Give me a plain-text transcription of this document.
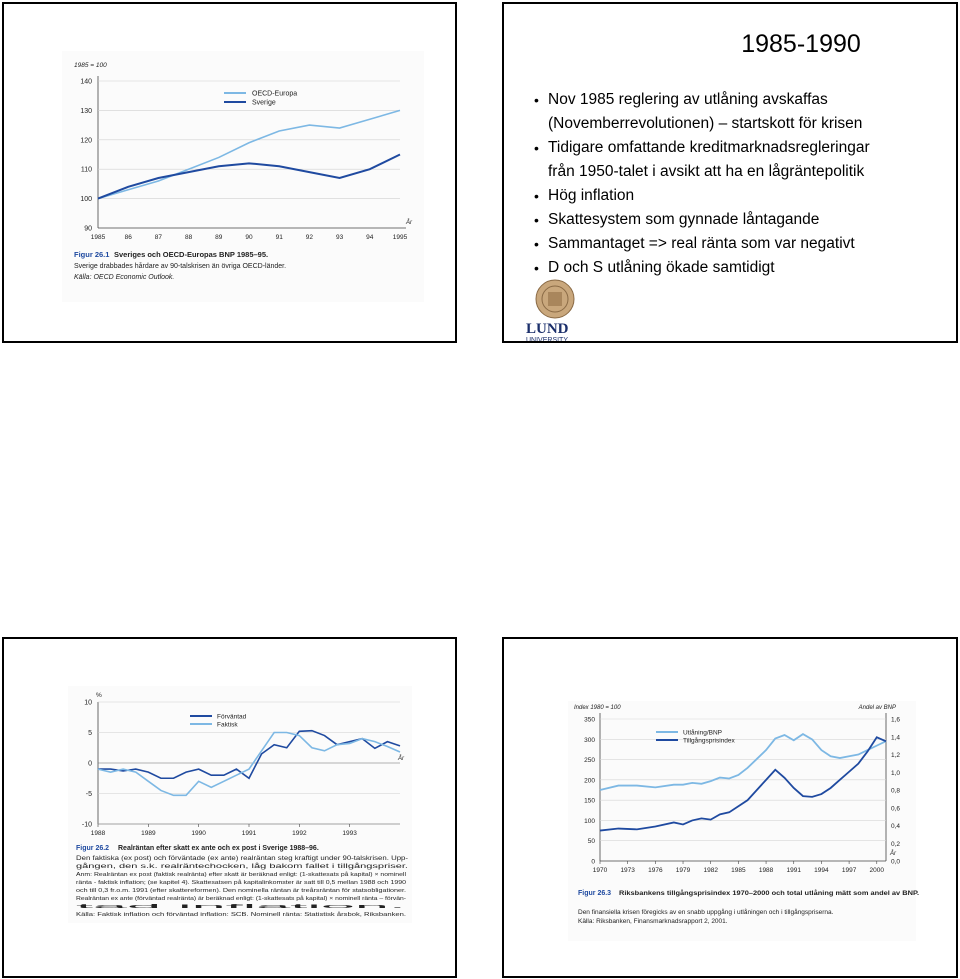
90
100
110
120
130
140
1985	86	87	88	89	90	91	92	93	94	1995
1985 = 100
År
OECD-Europa
Sverige
Figur 26.1 Sveriges och OECD-Europas BNP 1985–95.
Sverige drabbades hårdare av 90-talskrisen än övriga OECD-länder.
Källa: OECD Economic Outlook.
1985-1990
• Nov 1985 reglering av utlåning avskaffas
(Novemberrevolutionen) – startskott för krisen
• Tidigare omfattande kreditmarknadsregleringar
från 1950-talet i avsikt att ha en lågräntepolitik
• Hög inflation
• Skattesystem som gynnade låntagande
• Sammantaget => real ränta som var negativt
• D och S utlåning ökade samtidigt
LUND
UNIVERSITY
-10
-5
0
5
10
1988	1989	1990	1991	1992	1993
%
År
Förväntad
Faktisk
Figur 26.2 Realräntan efter skatt ex ante och ex post i Sverige 1988–96.
Den faktiska (ex post) och förväntade (ex ante) realräntan steg kraftigt under 90-talskrisen. Upp-
gången, den s.k. realräntechocken, låg bakom fallet i tillgångspriser.
Anm: Realräntan ex post (faktisk realränta) efter skatt är beräknad enligt: (1-skattesats på kapital) × nominell
ränta - faktisk inflation; (se kapitel 4). Skattesatsen på kapitalinkomster är satt till 0,5 mellan 1988 och 1990
och till 0,3 fr.o.m. 1991 (efter skattereformen). Den nominella räntan är treårsräntan för statsobligationer.
Realräntan ex ante (förväntad realränta) är beräknad enligt: (1-skattesats på kapital) × nominell ränta – förvän-
tad inflation.
Källa: Faktisk inflation och förväntad inflation: SCB. Nominell ränta: Statistisk årsbok, Riksbanken.
0
50
100
150
200
250
300
350
0,0
0,2
0,4
0,6
0,8
1,0
1,2
1,4
1,6
1970 1973 1976 1979 1982 1985 1988 1991 1994 1997 2000
Index 1980 = 100	Andel av BNP
År
Utlåning/BNP
Tillgångsprisindex
Figur 26.3 Riksbankens tillgångsprisindex 1970–2000 och total utlåning mätt som andel av BNP.
Den finansiella krisen föregicks av en snabb uppgång i utlåningen och i tillgångspriserna.
Källa: Riksbanken, Finansmarknadsrapport 2, 2001.
